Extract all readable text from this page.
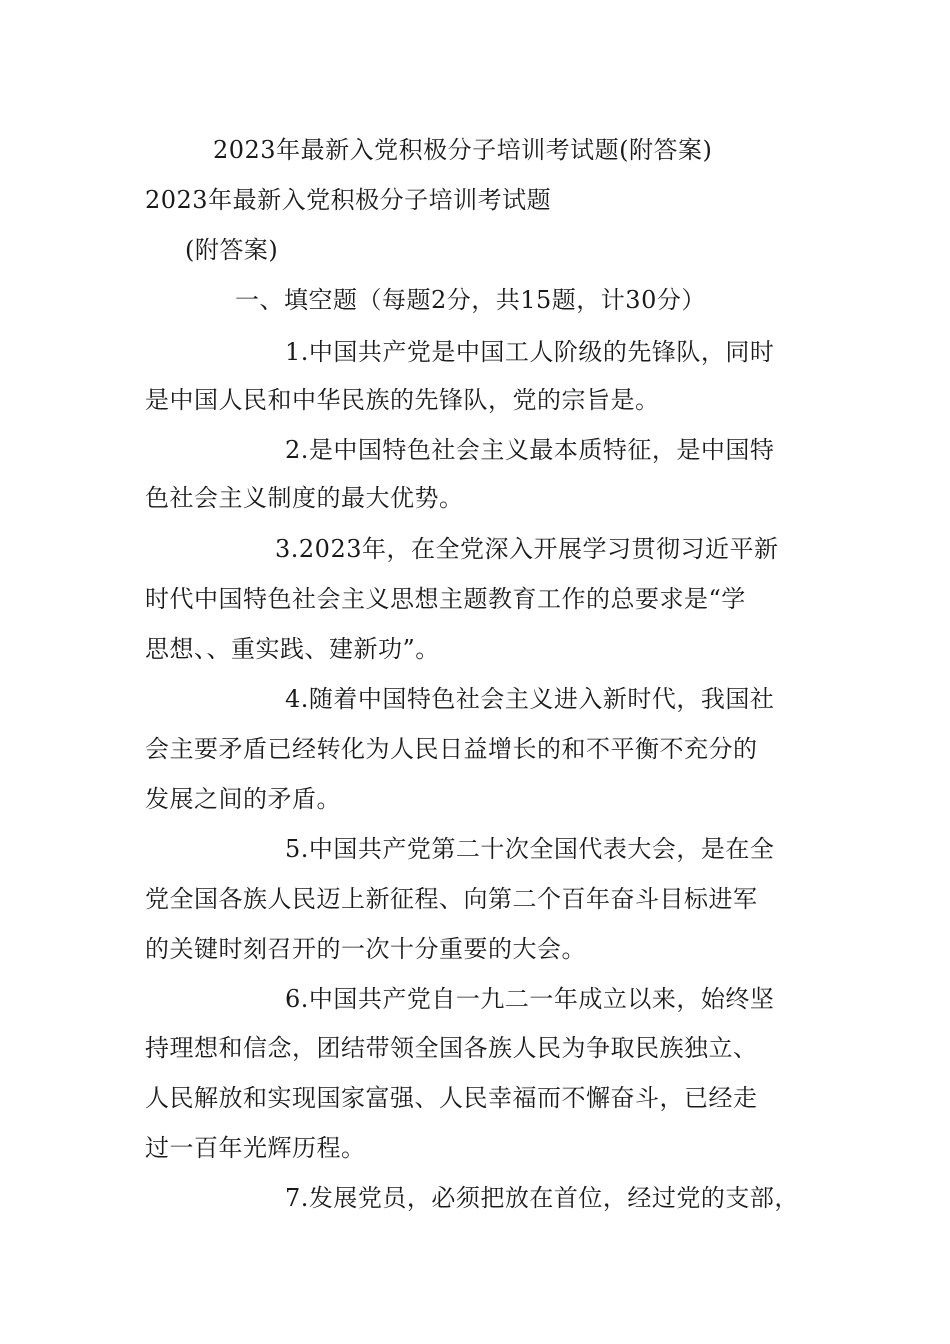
2023年最新入党积极分子培训考试题(附答案)
2023年最新入党积极分子培训考试题
(附答案)
一、填空题（每题2分，共15题，计30分）
1.中国共产党是中国工人阶级的先锋队，同时
是中国人民和中华民族的先锋队，党的宗旨是。
2.是中国特色社会主义最本质特征，是中国特
色社会主义制度的最大优势。
3.2023年，在全党深入开展学习贯彻习近平新
时代中国特色社会主义思想主题教育工作的总要求是“学
思想、、重实践、建新功”。
4.随着中国特色社会主义进入新时代，我国社
会主要矛盾已经转化为人民日益增长的和不平衡不充分的
发展之间的矛盾。
5.中国共产党第二十次全国代表大会，是在全
党全国各族人民迈上新征程、向第二个百年奋斗目标进军
的关键时刻召开的一次十分重要的大会。
6.中国共产党自一九二一年成立以来，始终坚
持理想和信念，团结带领全国各族人民为争取民族独立、
人民解放和实现国家富强、人民幸福而不懈奋斗，已经走
过一百年光辉历程。
7.发展党员，必须把放在首位，经过党的支部，
